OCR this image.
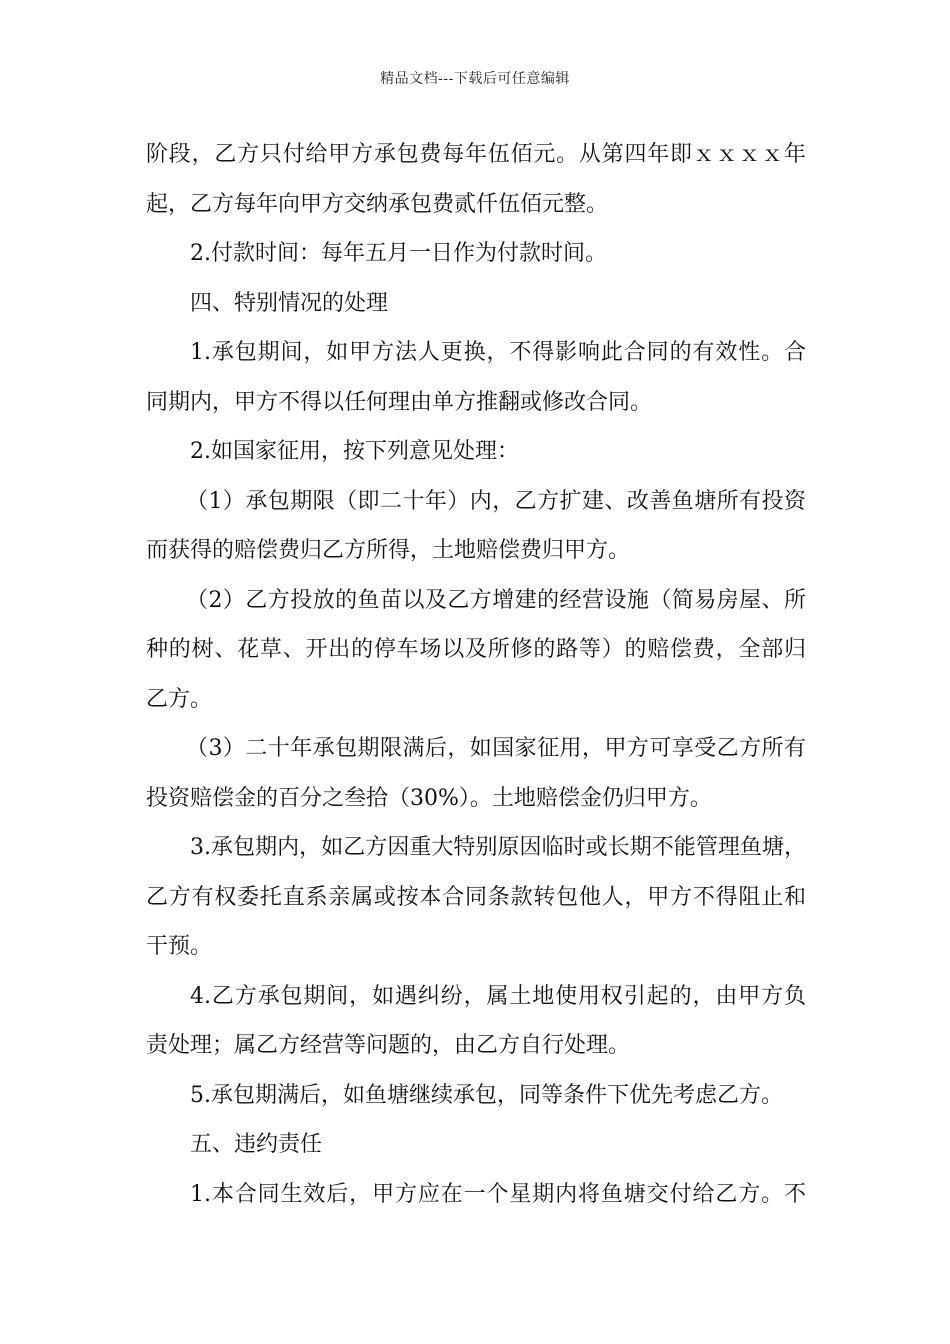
精品文档---下载后可任意编辑
阶段，乙方只付给甲方承包费每年伍佰元。从第四年即ｘｘｘｘ年
起，乙方每年向甲方交纳承包费贰仟伍佰元整。
2.付款时间：每年五月一日作为付款时间。
四、特别情况的处理
1.承包期间，如甲方法人更换，不得影响此合同的有效性。合
同期内，甲方不得以任何理由单方推翻或修改合同。
2.如国家征用，按下列意见处理：
（1）承包期限（即二十年）内，乙方扩建、改善鱼塘所有投资
而获得的赔偿费归乙方所得，土地赔偿费归甲方。
（2）乙方投放的鱼苗以及乙方增建的经营设施（简易房屋、所
种的树、花草、开出的停车场以及所修的路等）的赔偿费，全部归
乙方。
（3）二十年承包期限满后，如国家征用，甲方可享受乙方所有
投资赔偿金的百分之叁拾（30%）。土地赔偿金仍归甲方。
3.承包期内，如乙方因重大特别原因临时或长期不能管理鱼塘，
乙方有权委托直系亲属或按本合同条款转包他人，甲方不得阻止和
干预。
4.乙方承包期间，如遇纠纷，属土地使用权引起的，由甲方负
责处理；属乙方经营等问题的，由乙方自行处理。
5.承包期满后，如鱼塘继续承包，同等条件下优先考虑乙方。
五、违约责任
1.本合同生效后，甲方应在一个星期内将鱼塘交付给乙方。不
